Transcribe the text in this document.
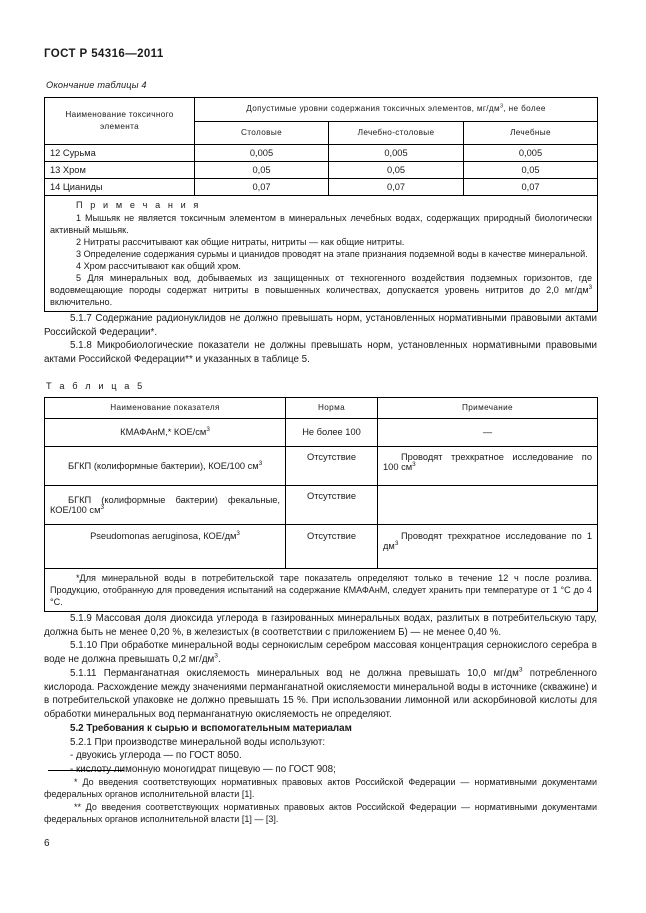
ГОСТ Р 54316—2011
Окончание таблицы 4
Наименование токсичного элемента	Допустимые уровни содержания токсичных элементов, $мг/дм^3$, не более		
	Столовые	Лечебно-столовые	Лечебные
12 Сурьма	0,005	0,005	0,005
13 Хром	0,05	0,05	0,05
14 Цианиды	0,07	0,07	0,07

П р и м е ч а н и я
1 Мышьяк не является токсичным элементом в минеральных лечебных водах, содержащих природный биологически активный мышьяк.
2 Нитраты рассчитывают как общие нитраты, нитриты — как общие нитриты.
3 Определение содержания сурьмы и цианидов проводят на этапе признания подземной воды в качестве минеральной.
4 Хром рассчитывают как общий хром.
5 Для минеральных вод, добываемых из защищенных от техногенного воздействия подземных горизонтов, где водовмещающие породы содержат нитриты в повышенных количествах, допускается уровень нитритов до 2,0 $мг/дм^3$ включительно.

5.1.7 Содержание радионуклидов не должно превышать норм, установленных нормативными правовыми актами Российской Федерации*.

5.1.8 Микробиологические показатели не должны превышать норм, установленных нормативными правовыми актами Российской Федерации** и указанных в таблице 5.

Т а б л и ц а 5
Наименование показателя	Норма	Примечание
КМАФАнМ,* КОЕ/$см^3$	Не более 100	—
БГКП (колиформные бактерии), КОЕ/100 $см^3$	Отсутствие	Проводят трехкратное исследование по 100 $см^3$
БГКП (колиформные бактерии) фекальные, КОЕ/100 $см^3$	Отсутствие	
Pseudomonas aeruginosa, КОЕ/$дм^3$	Отсутствие	Проводят трехкратное исследование по 1 $дм^3$

*Для минеральной воды в потребительской таре показатель определяют только в течение 12 ч после розлива. Продукцию, отобранную для проведения испытаний на содержание КМАФАнМ, следует хранить при температуре от 1 °С до 4 °С.		

5.1.9 Массовая доля диоксида углерода в газированных минеральных водах, разлитых в потребительскую тару, должна быть не менее 0,20 %, в железистых (в соответствии с приложением Б) — не менее 0,40 %.

5.1.10 При обработке минеральной воды сернокислым серебром массовая концентрация сернокислого серебра в воде не должна превышать 0,2 $мг/дм^3$.

5.1.11 Перманганатная окисляемость минеральных вод не должна превышать 10,0 $мг/дм^3$ потребленного кислорода. Расхождение между значениями перманганатной окисляемости минеральной воды в источнике (скважине) и в потребительской упаковке не должно превышать 15 %. При использовании лимонной или аскорбиновой кислоты для обработки минеральных вод перманганатную окисляемость не определяют.

5.2 Требования к сырью и вспомогательным материалам

5.2.1 При производстве минеральной воды используют:

- двуокись углерода — по ГОСТ 8050.

- кислоту лимонную моногидрат пищевую — по ГОСТ 908;

* До введения соответствующих нормативных правовых актов Российской Федерации — нормативными документами федеральных органов исполнительной власти [1].

** До введения соответствующих нормативных правовых актов Российской Федерации — нормативными документами федеральных органов исполнительной власти [1] — [3].

6
